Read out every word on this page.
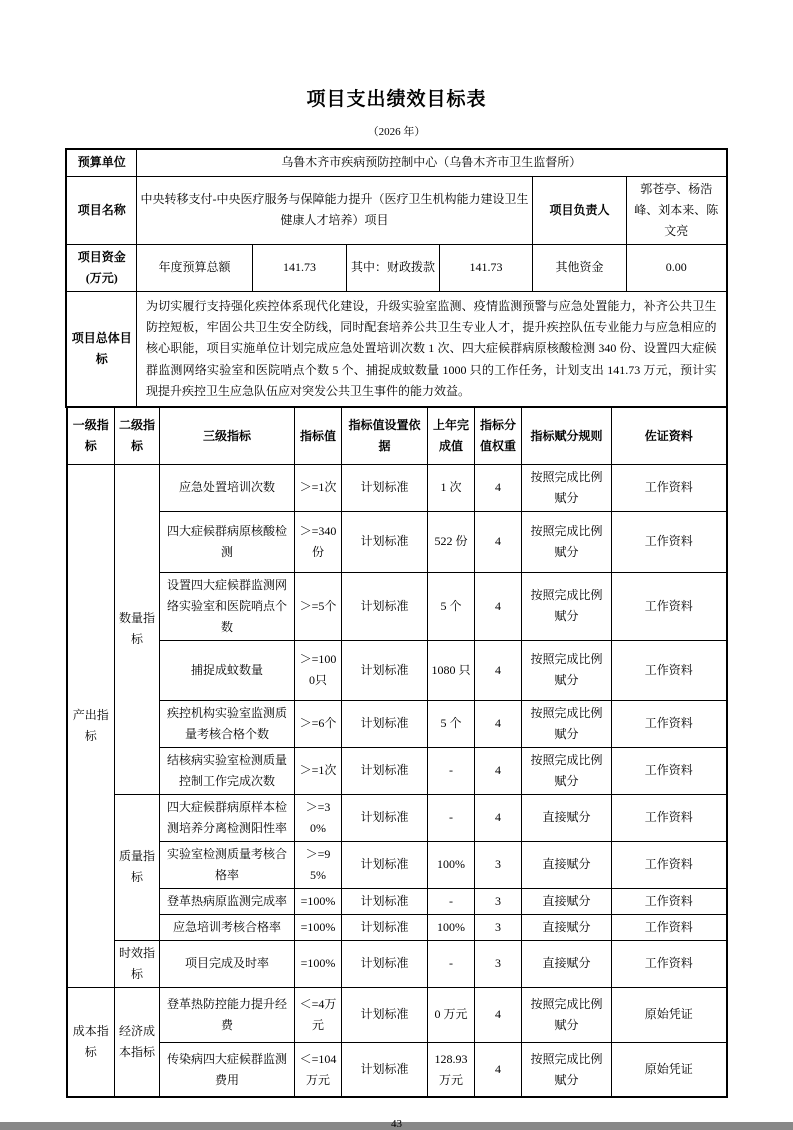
项目支出绩效目标表
（2026 年）
预算单位	乌鲁木齐市疾病预防控制中心（乌鲁木齐市卫生监督所）					
项目名称	中央转移支付-中央医疗服务与保障能力提升（医疗卫生机构能力建设卫生健康人才培养）项目				项目负责人	郭苍亭、杨浩峰、刘本来、陈文亮
项目资金(万元)	年度预算总额	141.73	其中：财政拨款	141.73	其他资金	0.00
项目总体目标	为切实履行支持强化疾控体系现代化建设，升级实验室监测、疫情监测预警与应急处置能力，补齐公共卫生防控短板，牢固公共卫生安全防线，同时配套培养公共卫生专业人才，提升疾控队伍专业能力与应急相应的核心职能，项目实施单位计划完成应急处置培训次数 1 次、四大症候群病原核酸检测 340 份、设置四大症候群监测网络实验室和医院哨点个数 5 个、捕捉成蚊数量 1000 只的工作任务，计划支出 141.73 万元，预计实现提升疾控卫生应急队伍应对突发公共卫生事件的能力效益。					
一级指标	二级指标	三级指标	指标值	指标值设置依据	上年完成值	指标分值权重	指标赋分规则	佐证资料
产出指标	数量指标	应急处置培训次数	＞=1次	计划标准	1 次	4	按照完成比例赋分	工作资料
		四大症候群病原核酸检测	＞=340份	计划标准	522 份	4	按照完成比例赋分	工作资料
		设置四大症候群监测网络实验室和医院哨点个数	＞=5个	计划标准	5 个	4	按照完成比例赋分	工作资料
		捕捉成蚊数量	＞=1000只	计划标准	1080 只	4	按照完成比例赋分	工作资料
		疾控机构实验室监测质量考核合格个数	＞=6个	计划标准	5 个	4	按照完成比例赋分	工作资料
		结核病实验室检测质量控制工作完成次数	＞=1次	计划标准	-	4	按照完成比例赋分	工作资料
	质量指标	四大症候群病原样本检测培养分离检测阳性率	＞=30%	计划标准	-	4	直接赋分	工作资料
		实验室检测质量考核合格率	＞=95%	计划标准	100%	3	直接赋分	工作资料
		登革热病原监测完成率	=100%	计划标准	-	3	直接赋分	工作资料
		应急培训考核合格率	=100%	计划标准	100%	3	直接赋分	工作资料
	时效指标	项目完成及时率	=100%	计划标准	-	3	直接赋分	工作资料
成本指标	经济成本指标	登革热防控能力提升经费	＜=4万元	计划标准	0 万元	4	按照完成比例赋分	原始凭证
		传染病四大症候群监测费用	＜=104万元	计划标准	128.93 万元	4	按照完成比例赋分	原始凭证
43
